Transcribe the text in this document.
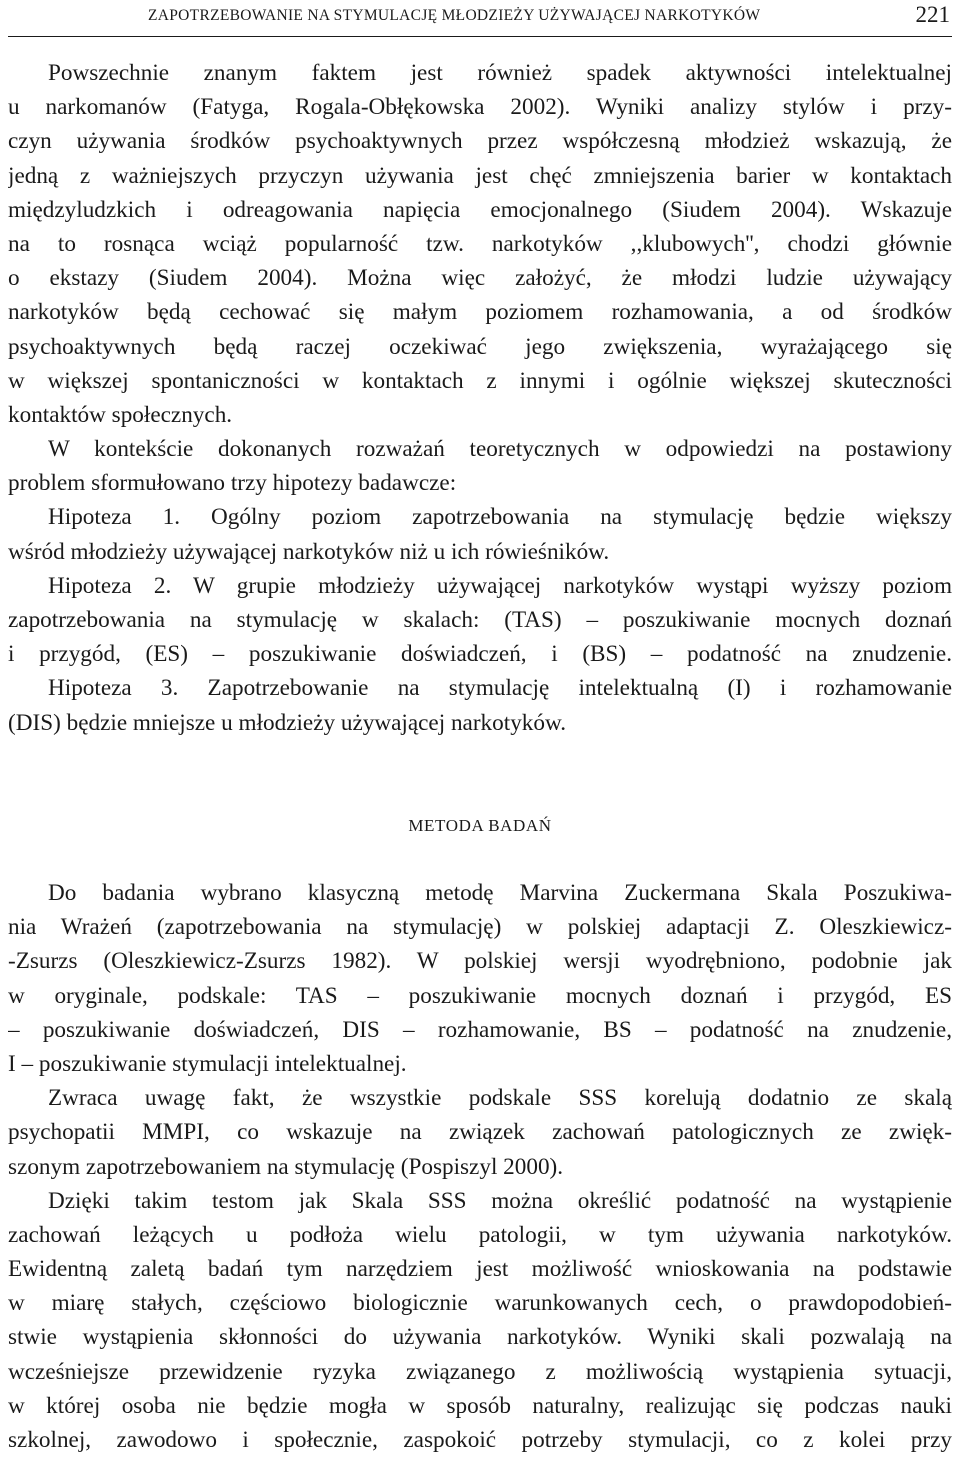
ZAPOTRZEBOWANIE NA STYMULACJĘ MŁODZIEŻY UŻYWAJĄCEJ NARKOTYKÓW	221
Powszechnie znanym faktem jest również spadek aktywności intelektualnej
u narkomanów (Fatyga, Rogala-Obłękowska 2002). Wyniki analizy stylów i przy-
czyn używania środków psychoaktywnych przez współczesną młodzież wskazują, że
jedną z ważniejszych przyczyn używania jest chęć zmniejszenia barier w kontaktach
międzyludzkich i odreagowania napięcia emocjonalnego (Siudem 2004). Wskazuje
na to rosnąca wciąż popularność tzw. narkotyków ,,klubowych'', chodzi głównie
o ekstazy (Siudem 2004). Można więc założyć, że młodzi ludzie używający
narkotyków będą cechować się małym poziomem rozhamowania, a od środków
psychoaktywnych będą raczej oczekiwać jego zwiększenia, wyrażającego się
w większej spontaniczności w kontaktach z innymi i ogólnie większej skuteczności
kontaktów społecznych.
W kontekście dokonanych rozważań teoretycznych w odpowiedzi na postawiony
problem sformułowano trzy hipotezy badawcze:
Hipoteza 1. Ogólny poziom zapotrzebowania na stymulację będzie większy
wśród młodzieży używającej narkotyków niż u ich rówieśników.
Hipoteza 2. W grupie młodzieży używającej narkotyków wystąpi wyższy poziom
zapotrzebowania na stymulację w skalach: (TAS) – poszukiwanie mocnych doznań
i przygód, (ES) – poszukiwanie doświadczeń, i (BS) – podatność na znudzenie.
Hipoteza 3. Zapotrzebowanie na stymulację intelektualną (I) i rozhamowanie
(DIS) będzie mniejsze u młodzieży używającej narkotyków.
METODA BADAŃ
Do badania wybrano klasyczną metodę Marvina Zuckermana Skala Poszukiwa-
nia Wrażeń (zapotrzebowania na stymulację) w polskiej adaptacji Z. Oleszkiewicz-
-Zsurzs (Oleszkiewicz-Zsurzs 1982). W polskiej wersji wyodrębniono, podobnie jak
w oryginale, podskale: TAS – poszukiwanie mocnych doznań i przygód, ES
– poszukiwanie doświadczeń, DIS – rozhamowanie, BS – podatność na znudzenie,
I – poszukiwanie stymulacji intelektualnej.
Zwraca uwagę fakt, że wszystkie podskale SSS korelują dodatnio ze skalą
psychopatii MMPI, co wskazuje na związek zachowań patologicznych ze zwięk-
szonym zapotrzebowaniem na stymulację (Pospiszyl 2000).
Dzięki takim testom jak Skala SSS można określić podatność na wystąpienie
zachowań leżących u podłoża wielu patologii, w tym używania narkotyków.
Ewidentną zaletą badań tym narzędziem jest możliwość wnioskowania na podstawie
w miarę stałych, częściowo biologicznie warunkowanych cech, o prawdopodobień-
stwie wystąpienia skłonności do używania narkotyków. Wyniki skali pozwalają na
wcześniejsze przewidzenie ryzyka związanego z możliwością wystąpienia sytuacji,
w której osoba nie będzie mogła w sposób naturalny, realizując się podczas nauki
szkolnej, zawodowo i społecznie, zaspokoić potrzeby stymulacji, co z kolei przy
